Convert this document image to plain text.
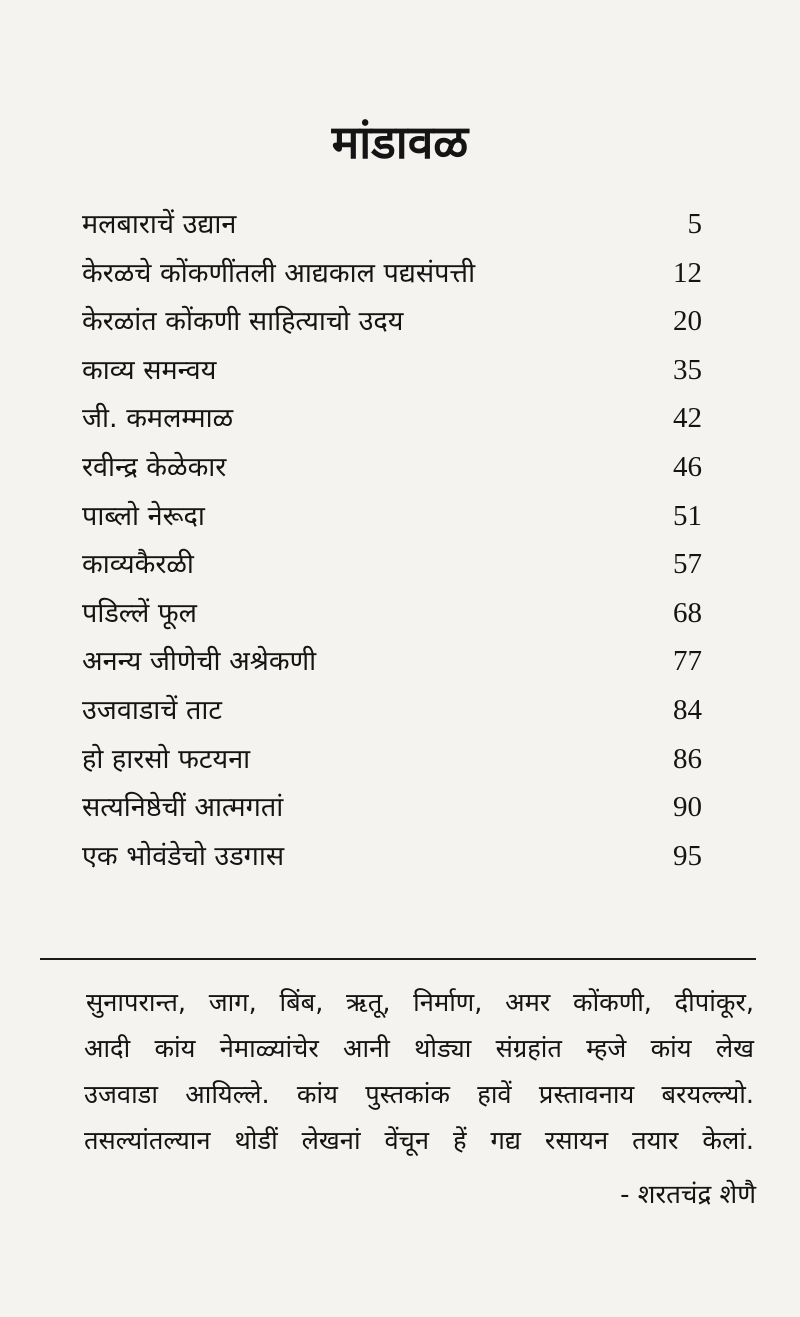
मांडावळ
मलबाराचें उद्यान	5
केरळचे कोंकणींतली आद्यकाल पद्यसंपत्ती	12
केरळांत कोंकणी साहित्याचो उदय	20
काव्य समन्वय	35
जी. कमलम्माळ	42
रवीन्द्र केळेकार	46
पाब्लो नेरूदा	51
काव्यकैरळी	57
पडिल्लें फूल	68
अनन्य जीणेची अश्रेकणी	77
उजवाडाचें ताट	84
हो हारसो फटयना	86
सत्यनिष्ठेचीं आत्मगतां	90
एक भोवंडेचो उडगास	95
सुनापरान्त, जाग, बिंब, ऋतू, निर्माण, अमर कोंकणी, दीपांकूर,
आदी कांय नेमाळ्यांचेर आनी थोड्या संग्रहांत म्हजे कांय लेख
उजवाडा आयिल्ले. कांय पुस्तकांक हावें प्रस्तावनाय बरयल्ल्यो.
तसल्यांतल्यान थोडीं लेखनां वेंचून हें गद्य रसायन तयार केलां.
- शरतचंद्र शेणै
